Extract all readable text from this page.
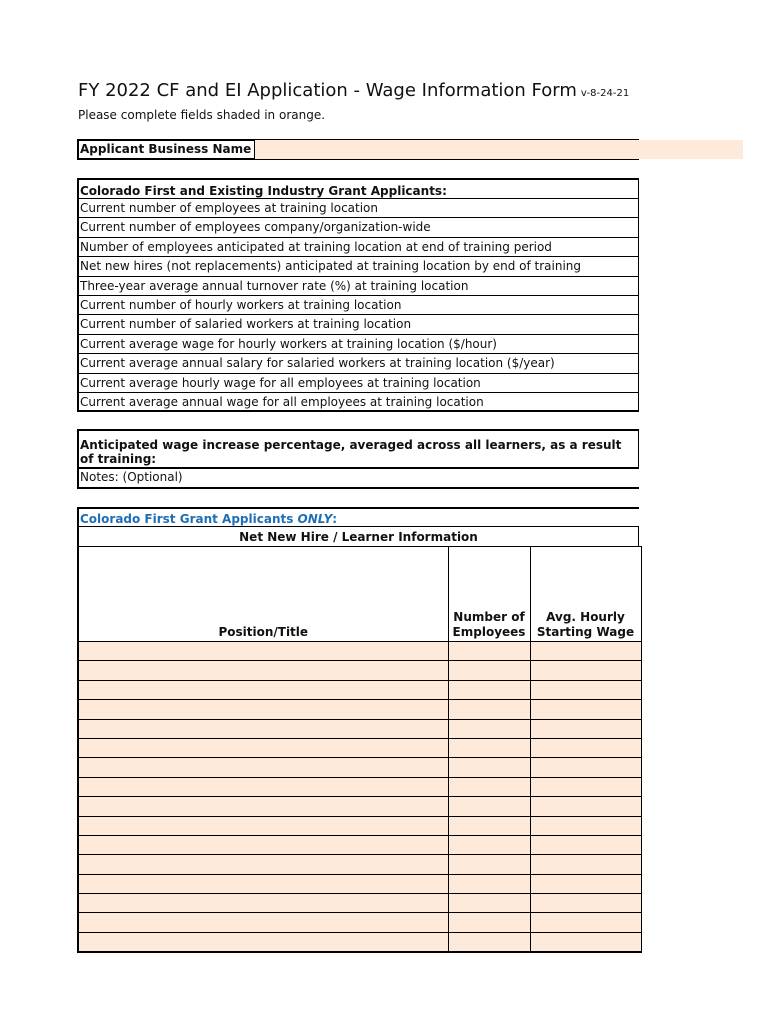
FY 2022 CF and EI Application - Wage Information Form v-8-24-21
Please complete fields shaded in orange.
Applicant Business Name
Colorado First and Existing Industry Grant Applicants:
Current number of employees at training location
Current number of employees company/organization-wide
Number of employees anticipated at training location at end of training period
Net new hires (not replacements) anticipated at training location by end of training
Three-year average annual turnover rate (%) at training location
Current number of hourly workers at training location
Current number of salaried workers at training location
Current average wage for hourly workers at training location ($/hour)
Current average annual salary for salaried workers at training location ($/year)
Current average hourly wage for all employees at training location
Current average annual wage for all employees at training location
Anticipated wage increase percentage, averaged across all learners, as a result of training:
Notes: (Optional)
Colorado First Grant Applicants ONLY:
Net New Hire / Learner Information
Position/Title	Number of Employees	Avg. Hourly Starting Wage
